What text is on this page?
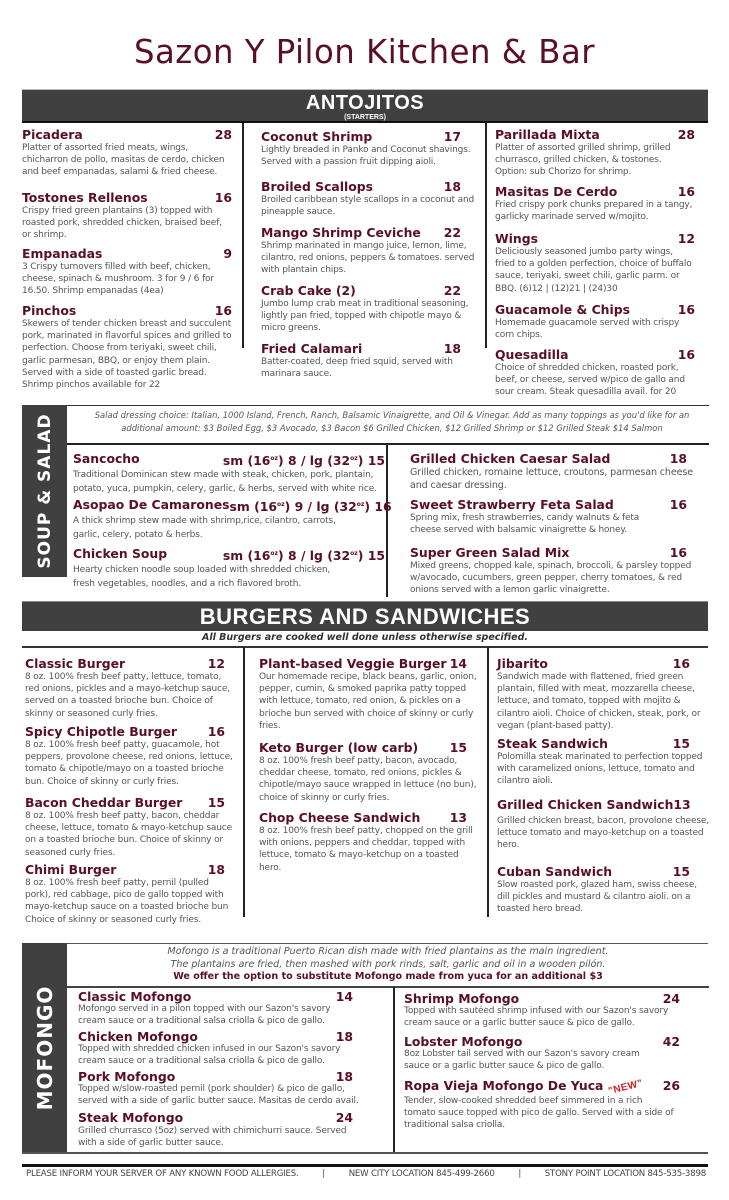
Sazon Y Pilon Kitchen & Bar
ANTOJITOS
(STARTERS)
Picadera	28
Platter of assorted fried meats, wings, chicharron de pollo, masitas de cerdo, chicken and beef empanadas, salami & fried cheese.
Tostones Rellenos	16
Crispy fried green plantains (3) topped with roasted pork, shredded chicken, braised beef, or shrimp.
Empanadas	9
3 Crispy turnovers filled with beef, chicken, cheese, spinach & mushroom. 3 for 9 / 6 for 16.50. Shrimp empanadas (4ea)
Pinchos	16
Skewers of tender chicken breast and succulent pork, marinated in flavorful spices and grilled to perfection. Choose from teriyaki, sweet chili, garlic parmesan, BBQ, or enjoy them plain. Served with a side of toasted garlic bread.
Shrimp pinchos available for 22
Coconut Shrimp	17
Lightly breaded in Panko and Coconut shavings. Served with a passion fruit dipping aioli.
Broiled Scallops	18
Broiled caribbean style scallops in a coconut and pineapple sauce.
Mango Shrimp Ceviche 22
Shrimp marinated in mango juice, lemon, lime, cilantro, red onions, peppers & tomatoes. served with plantain chips.
Crab Cake (2)	22
Jumbo lump crab meat in traditional seasoning, lightly pan fried, topped with chipotle mayo & micro greens.
Fried Calamari	18
Batter-coated, deep fried squid, served with marinara sauce.
Parillada Mixta	28
Platter of assorted grilled shrimp, grilled churrasco, grilled chicken, & tostones. Option: sub Chorizo for shrimp.
Masitas De Cerdo	16
Fried crispy pork chunks prepared in a tangy, garlicky marinade served w/mojito.
Wings	12
Deliciously seasoned jumbo party wings, fried to a golden perfection, choice of buffalo sauce, teriyaki, sweet chili, garlic parm. or BBQ. (6)12 | (12)21 | (24)30
Guacamole & Chips	16
Homemade guacamole served with crispy corn chips.
Quesadilla	16
Choice of shredded chicken, roasted pork, beef, or cheese, served w/pico de gallo and sour cream. Steak quesadilla avail. for 20
SOUP & SALAD	Salad dressing choice: Italian, 1000 Island, French, Ranch, Balsamic Vinaigrette, and Oil & Vinegar. Add as many toppings as you'd like for an additional amount: $3 Boiled Egg, $3 Avocado, $3 Bacon $6 Grilled Chicken, $12 Grilled Shrimp or $12 Grilled Steak $14 Salmon
Sancocho	sm $(16^{oz})$ $8 / \lg (32^{oz})$ 15
Traditional Dominican stew made with steak, chicken, pork, plantain, potato, yuca, pumpkin, celery, garlic, & herbs, served with white rice.
Asopao De Camarones sm $(16^{oz})$ $9 / \lg (32^{oz})$ 16
A thick shrimp stew made with shrimp,rice, cilantro, carrots, garlic, celery, potato & herbs.
Chicken Soup	sm $(16^{oz})$ $8 / \lg (32^{oz})$ 15
Hearty chicken noodle soup loaded with shredded chicken, fresh vegetables, noodles, and a rich flavored broth.
Grilled Chicken Caesar Salad	18
Grilled chicken, romaine lettuce, croutons, parmesan cheese and caesar dressing.
Sweet Strawberry Feta Salad	16
Spring mix, fresh strawberries, candy walnuts & feta cheese served with balsamic vinaigrette & honey.
Super Green Salad Mix	16
Mixed greens, chopped kale, spinach, broccoli, & parsley topped w/avocado, cucumbers, green pepper, cherry tomatoes, & red onions served with a lemon garlic vinaigrette.
BURGERS AND SANDWICHES
All Burgers are cooked well done unless otherwise specified.
Classic Burger	12
8 oz. 100% fresh beef patty, lettuce, tomato, red onions, pickles and a mayo-ketchup sauce, served on a toasted brioche bun. Choice of skinny or seasoned curly fries.
Spicy Chipotle Burger 16
8 oz. 100% fresh beef patty, guacamole, hot peppers, provolone cheese, red onions, lettuce, tomato & chipotle/mayo on a toasted brioche bun. Choice of skinny or curly fries.
Bacon Cheddar Burger 15
8 oz. 100% fresh beef patty, bacon, cheddar cheese, lettuce, tomato & mayo-ketchup sauce on a toasted brioche bun. Choice of skinny or seasoned curly fries.
Chimi Burger	18
8 oz. 100% fresh beef patty, pernil (pulled pork), red cabbage, pico de gallo topped with mayo-ketchup sauce on a toasted brioche bun Choice of skinny or seasoned curly fries.
Plant-based Veggie Burger 14
Our homemade recipe, black beans, garlic, onion, pepper, cumin, & smoked paprika patty topped with lettuce, tomato, red onion, & pickles on a brioche bun served with choice of skinny or curly fries.
Keto Burger (low carb)	15
8 oz. 100% fresh beef patty, bacon, avocado, cheddar cheese, tomato, red onions, pickles & chipotle/mayo sauce wrapped in lettuce (no bun), choice of skinny or curly fries.
Chop Cheese Sandwich 13
8 oz. 100% fresh beef patty, chopped on the grill with onions, peppers and cheddar, topped with lettuce, tomato & mayo-ketchup on a toasted hero.
Jibarito	16
Sandwich made with flattened, fried green plantain, filled with meat, mozzarella cheese, lettuce, and tomato, topped with mojito & cilantro aioli. Choice of chicken, steak, pork, or vegan (plant-based patty).
Steak Sandwich	15
Polomilla steak marinated to perfection topped with caramelized onions, lettuce, tomato and cilantro aioli.
Grilled Chicken Sandwich 13
Grilled chicken breast, bacon, provolone cheese, lettuce tomato and mayo-ketchup on a toasted hero.
Cuban Sandwich	15
Slow roasted pork, glazed ham, swiss cheese, dill pickles and mustard & cilantro aioli. on a toasted hero bread.
MOFONGO
Mofongo is a traditional Puerto Rican dish made with fried plantains as the main ingredient.
The plantains are fried, then mashed with pork rinds, salt, garlic and oil in a wooden pilón.
We offer the option to substitute Mofongo made from yuca for an additional $3
Classic Mofongo	14
Mofongo served in a pilon topped with our Sazon's savory cream sauce or a traditional salsa criolla & pico de gallo.
Chicken Mofongo	18
Topped with shredded chicken infused in our Sazon's savory cream sauce or a traditional salsa criolla & pico de gallo.
Pork Mofongo	18
Topped w/slow-roasted pernil (pork shoulder) & pico de gallo, served with a side of garlic butter sauce. Masitas de cerdo avail.
Steak Mofongo	24
Grilled churrasco (5oz) served with chimichurri sauce. Served with a side of garlic butter sauce.
Shrimp Mofongo	24
Topped with sautéed shrimp infused with our Sazon's savory cream sauce or a garlic butter sauce & pico de gallo.
Lobster Mofongo	42
8oz Lobster tail served with our Sazon's savory cream sauce or a garlic butter sauce & pico de gallo.
Ropa Vieja Mofongo De Yuca "NEW" 26
Tender, slow-cooked shredded beef simmered in a rich tomato sauce topped with pico de gallo. Served with a side of traditional salsa criolla.
PLEASE INFORM YOUR SERVER OF ANY KNOWN FOOD ALLERGIES.	|	NEW CITY LOCATION 845-499-2660	|	STONY POINT LOCATION 845-535-3898
